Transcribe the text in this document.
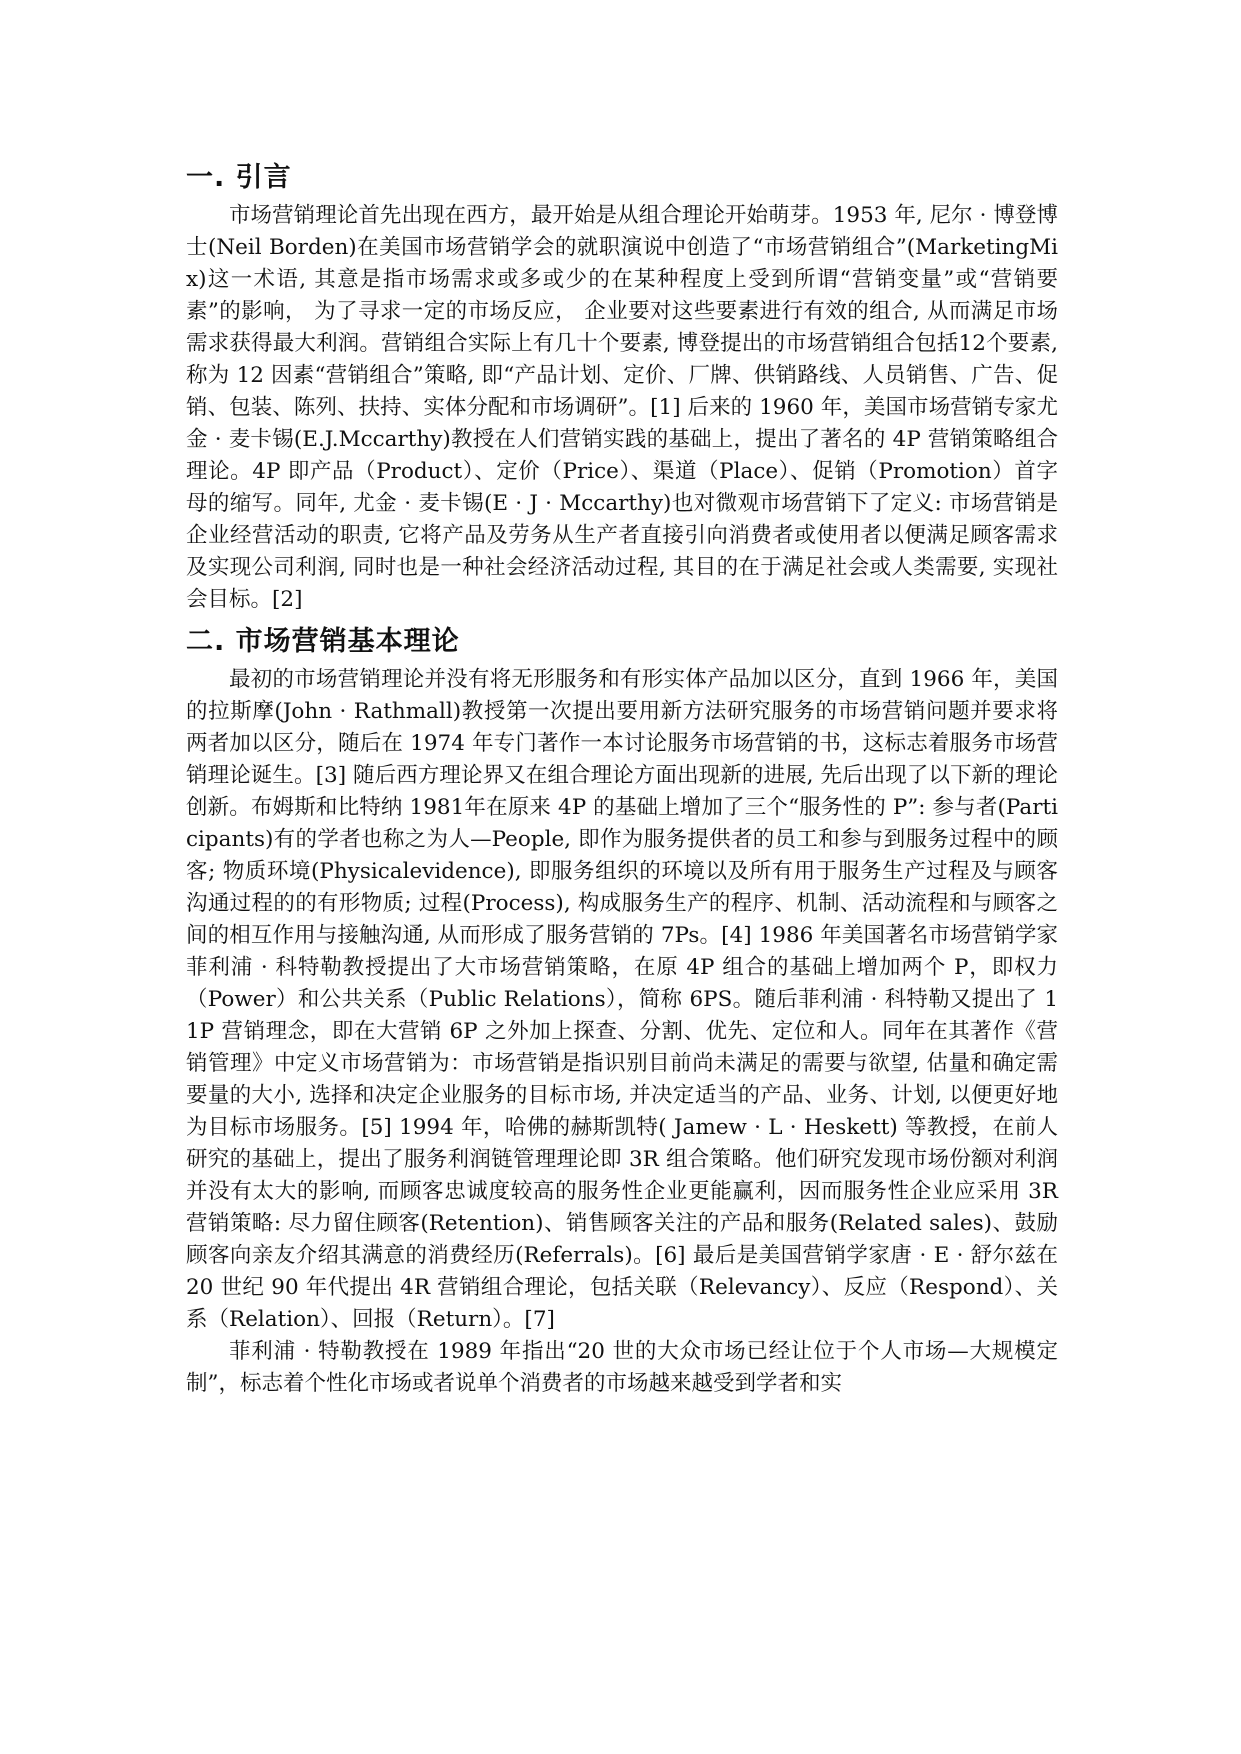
一. 引言

市场营销理论首先出现在西方，最开始是从组合理论开始萌芽。1953 年, 尼尔 · 博登博士(Neil Borden)在美国市场营销学会的就职演说中创造了“市场营销组合”(MarketingMix)这一术语, 其意是指市场需求或多或少的在某种程度上受到所谓“营销变量”或“营销要素”的影响， 为了寻求一定的市场反应， 企业要对这些要素进行有效的组合, 从而满足市场需求获得最大利润。营销组合实际上有几十个要素, 博登提出的市场营销组合包括12个要素, 称为 12 因素“营销组合”策略, 即“产品计划、定价、厂牌、供销路线、人员销售、广告、促销、包装、陈列、扶持、实体分配和市场调研”。[1] 后来的 1960 年，美国市场营销专家尤金 · 麦卡锡(E.J.Mccarthy)教授在人们营销实践的基础上，提出了著名的 4P 营销策略组合理论。4P 即产品（Product）、定价（Price）、渠道（Place）、促销（Promotion）首字母的缩写。同年, 尤金 · 麦卡锡(E · J · Mccarthy)也对微观市场营销下了定义: 市场营销是企业经营活动的职责, 它将产品及劳务从生产者直接引向消费者或使用者以便满足顾客需求及实现公司利润, 同时也是一种社会经济活动过程, 其目的在于满足社会或人类需要, 实现社会目标。[2]

二. 市场营销基本理论

最初的市场营销理论并没有将无形服务和有形实体产品加以区分，直到 1966 年，美国的拉斯摩(John · Rathmall)教授第一次提出要用新方法研究服务的市场营销问题并要求将两者加以区分，随后在 1974 年专门著作一本讨论服务市场营销的书，这标志着服务市场营销理论诞生。[3] 随后西方理论界又在组合理论方面出现新的进展, 先后出现了以下新的理论创新。布姆斯和比特纳 1981年在原来 4P 的基础上增加了三个“服务性的 P”: 参与者(Participants)有的学者也称之为人—People, 即作为服务提供者的员工和参与到服务过程中的顾客; 物质环境(Physicalevidence), 即服务组织的环境以及所有用于服务生产过程及与顾客沟通过程的的有形物质; 过程(Process), 构成服务生产的程序、机制、活动流程和与顾客之间的相互作用与接触沟通, 从而形成了服务营销的 7Ps。[4] 1986 年美国著名市场营销学家菲利浦 · 科特勒教授提出了大市场营销策略，在原 4P 组合的基础上增加两个 P，即权力（Power）和公共关系（Public Relations），简称 6PS。随后菲利浦 · 科特勒又提出了 11P 营销理念，即在大营销 6P 之外加上探查、分割、优先、定位和人。同年在其著作《营销管理》中定义市场营销为：市场营销是指识别目前尚未满足的需要与欲望, 估量和确定需要量的大小, 选择和决定企业服务的目标市场, 并决定适当的产品、业务、计划, 以便更好地为目标市场服务。[5] 1994 年，哈佛的赫斯凯特( Jamew · L · Heskett) 等教授，在前人研究的基础上，提出了服务利润链管理理论即 3R 组合策略。他们研究发现市场份额对利润并没有太大的影响, 而顾客忠诚度较高的服务性企业更能赢利，因而服务性企业应采用 3R 营销策略: 尽力留住顾客(Retention)、销售顾客关注的产品和服务(Related sales)、鼓励顾客向亲友介绍其满意的消费经历(Referrals)。[6] 最后是美国营销学家唐 · E · 舒尔兹在 20 世纪 90 年代提出 4R 营销组合理论，包括关联（Relevancy）、反应（Respond）、关系（Relation）、回报（Return）。[7]

菲利浦 · 特勒教授在 1989 年指出“20 世的大众市场已经让位于个人市场—大规模定制”，标志着个性化市场或者说单个消费者的市场越来越受到学者和实
